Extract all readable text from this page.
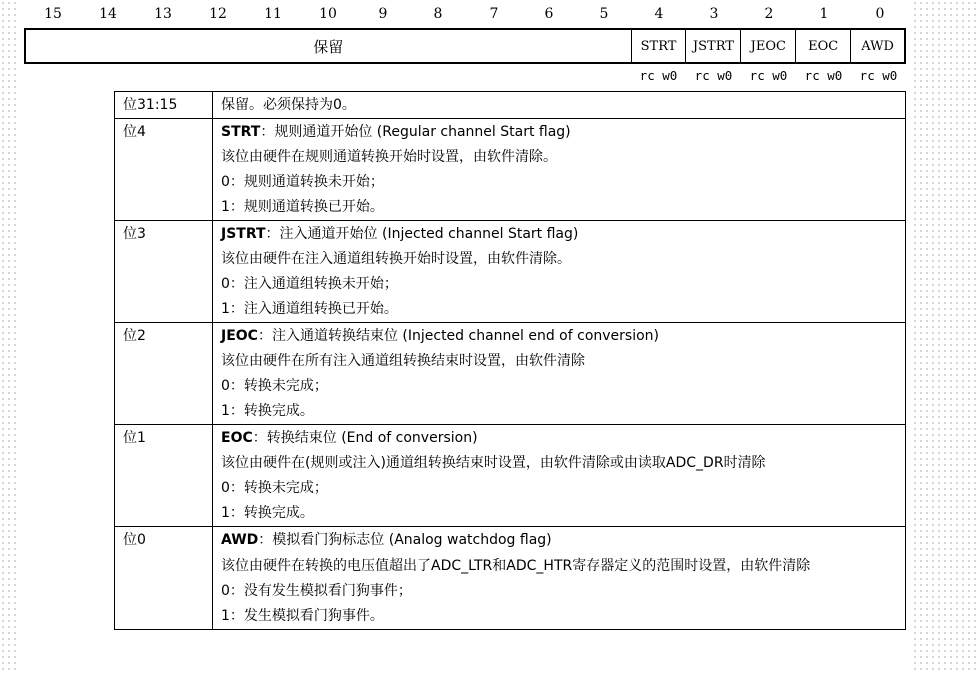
15	14	13	12	11	10	9	8	7	6	5	4	3	2	1	0
保留	STRT	JSTRT	JEOC	EOC	AWD
rc w0	rc w0	rc w0	rc w0	rc w0
位31:15	保留。必须保持为0。

位4	STRT：规则通道开始位 (Regular channel Start flag)
该位由硬件在规则通道转换开始时设置，由软件清除。
0：规则通道转换未开始；
1：规则通道转换已开始。

位3	JSTRT：注入通道开始位 (Injected channel Start flag)
该位由硬件在注入通道组转换开始时设置，由软件清除。
0：注入通道组转换未开始；
1：注入通道组转换已开始。

位2	JEOC：注入通道转换结束位 (Injected channel end of conversion)
该位由硬件在所有注入通道组转换结束时设置，由软件清除
0：转换未完成；
1：转换完成。

位1	EOC：转换结束位 (End of conversion)
该位由硬件在(规则或注入)通道组转换结束时设置，由软件清除或由读取ADC_DR时清除
0：转换未完成；
1：转换完成。

位0	AWD：模拟看门狗标志位 (Analog watchdog flag)
该位由硬件在转换的电压值超出了ADC_LTR和ADC_HTR寄存器定义的范围时设置，由软件清除
0：没有发生模拟看门狗事件；
1：发生模拟看门狗事件。
